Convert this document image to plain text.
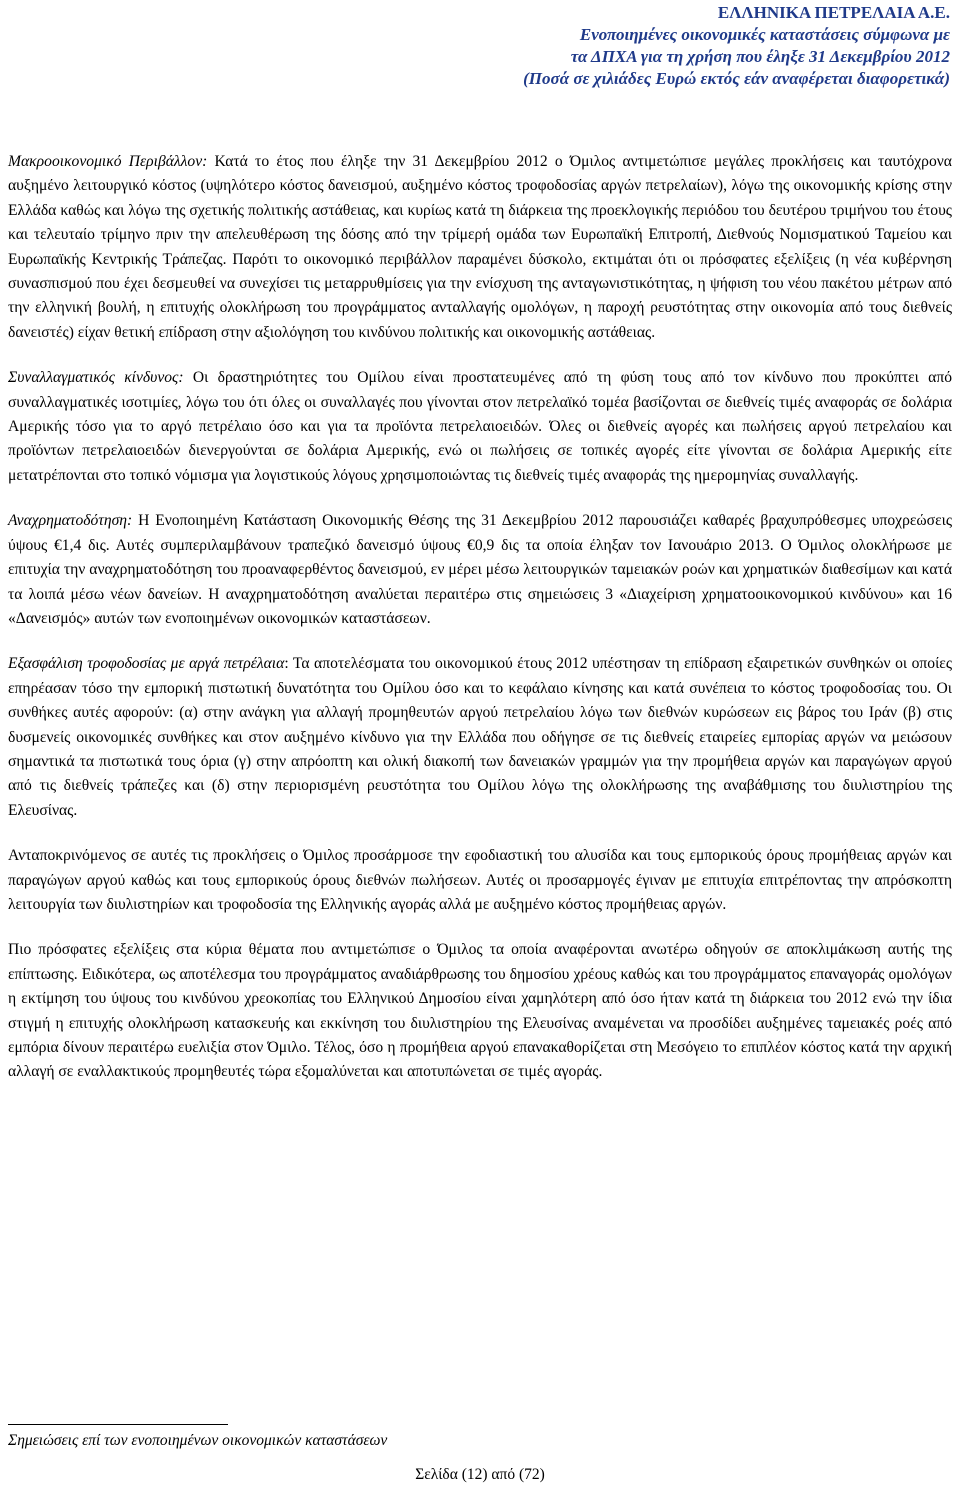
ΕΛΛΗΝΙΚΑ ΠΕΤΡΕΛΑΙΑ Α.Ε.
Ενοποιημένες οικονομικές καταστάσεις σύμφωνα με
τα ΔΠΧΑ για τη χρήση που έληξε 31 Δεκεμβρίου 2012
(Ποσά σε χιλιάδες Ευρώ εκτός εάν αναφέρεται διαφορετικά)

Μακροοικονομικό Περιβάλλον: Κατά το έτος που έληξε την 31 Δεκεμβρίου 2012 ο Όμιλος αντιμετώπισε μεγάλες προκλήσεις και ταυτόχρονα αυξημένο λειτουργικό κόστος (υψηλότερο κόστος δανεισμού, αυξημένο κόστος τροφοδοσίας αργών πετρελαίων), λόγω της οικονομικής κρίσης στην Ελλάδα καθώς και λόγω της σχετικής πολιτικής αστάθειας, και κυρίως κατά τη διάρκεια της προεκλογικής περιόδου του δευτέρου τριμήνου του έτους και τελευταίο τρίμηνο πριν την απελευθέρωση της δόσης από την τρίμερή ομάδα των Ευρωπαϊκή Επιτροπή, Διεθνούς Νομισματικού Ταμείου και Ευρωπαϊκής Κεντρικής Τράπεζας. Παρότι το οικονομικό περιβάλλον παραμένει δύσκολο, εκτιμάται ότι οι πρόσφατες εξελίξεις (η νέα κυβέρνηση συνασπισμού που έχει δεσμευθεί να συνεχίσει τις μεταρρυθμίσεις για την ενίσχυση της ανταγωνιστικότητας, η ψήφιση του νέου πακέτου μέτρων από την ελληνική βουλή, η επιτυχής ολοκλήρωση του προγράμματος ανταλλαγής ομολόγων, η παροχή ρευστότητας στην οικονομία από τους διεθνείς δανειστές) είχαν θετική επίδραση στην αξιολόγηση του κινδύνου πολιτικής και οικονομικής αστάθειας.

Συναλλαγματικός κίνδυνος: Οι δραστηριότητες του Ομίλου είναι προστατευμένες από τη φύση τους από τον κίνδυνο που προκύπτει από συναλλαγματικές ισοτιμίες, λόγω του ότι όλες οι συναλλαγές που γίνονται στον πετρελαϊκό τομέα βασίζονται σε διεθνείς τιμές αναφοράς σε δολάρια Αμερικής τόσο για το αργό πετρέλαιο όσο και για τα προϊόντα πετρελαιοειδών. Όλες οι διεθνείς αγορές και πωλήσεις αργού πετρελαίου και προϊόντων πετρελαιοειδών διενεργούνται σε δολάρια Αμερικής, ενώ οι πωλήσεις σε τοπικές αγορές είτε γίνονται σε δολάρια Αμερικής είτε μετατρέπονται στο τοπικό νόμισμα για λογιστικούς λόγους χρησιμοποιώντας τις διεθνείς τιμές αναφοράς της ημερομηνίας συναλλαγής.

Αναχρηματοδότηση: Η Ενοποιημένη Κατάσταση Οικονομικής Θέσης της 31 Δεκεμβρίου 2012 παρουσιάζει καθαρές βραχυπρόθεσμες υποχρεώσεις ύψους €1,4 δις. Αυτές συμπεριλαμβάνουν τραπεζικό δανεισμό ύψους €0,9 δις τα οποία έληξαν τον Ιανουάριο 2013. Ο Όμιλος ολοκλήρωσε με επιτυχία την αναχρηματοδότηση του προαναφερθέντος δανεισμού, εν μέρει μέσω λειτουργικών ταμειακών ροών και χρηματικών διαθεσίμων και κατά τα λοιπά μέσω νέων δανείων. Η αναχρηματοδότηση αναλύεται περαιτέρω στις σημειώσεις 3 «Διαχείριση χρηματοοικονομικού κινδύνου» και 16 «Δανεισμός» αυτών των ενοποιημένων οικονομικών καταστάσεων.

Εξασφάλιση τροφοδοσίας με αργά πετρέλαια: Τα αποτελέσματα του οικονομικού έτους 2012 υπέστησαν τη επίδραση εξαιρετικών συνθηκών οι οποίες επηρέασαν τόσο την εμπορική πιστωτική δυνατότητα του Ομίλου όσο και το κεφάλαιο κίνησης και κατά συνέπεια το κόστος τροφοδοσίας του. Οι συνθήκες αυτές αφορούν: (α) στην ανάγκη για αλλαγή προμηθευτών αργού πετρελαίου λόγω των διεθνών κυρώσεων εις βάρος του Ιράν (β) στις δυσμενείς οικονομικές συνθήκες και στον αυξημένο κίνδυνο για την Ελλάδα που οδήγησε σε τις διεθνείς εταιρείες εμπορίας αργών να μειώσουν σημαντικά τα πιστωτικά τους όρια (γ) στην απρόοπτη και ολική διακοπή των δανειακών γραμμών για την προμήθεια αργών και παραγώγων αργού από τις διεθνείς τράπεζες και (δ) στην περιορισμένη ρευστότητα του Ομίλου λόγω της ολοκλήρωσης της αναβάθμισης του διυλιστηρίου της Ελευσίνας.

Ανταποκρινόμενος σε αυτές τις προκλήσεις ο Όμιλος προσάρμοσε την εφοδιαστική του αλυσίδα και τους εμπορικούς όρους προμήθειας αργών και παραγώγων αργού καθώς και τους εμπορικούς όρους διεθνών πωλήσεων. Αυτές οι προσαρμογές έγιναν με επιτυχία επιτρέποντας την απρόσκοπτη λειτουργία των διυλιστηρίων και τροφοδοσία της Ελληνικής αγοράς αλλά με αυξημένο κόστος προμήθειας αργών.

Πιο πρόσφατες εξελίξεις στα κύρια θέματα που αντιμετώπισε ο Όμιλος τα οποία αναφέρονται ανωτέρω οδηγούν σε αποκλιμάκωση αυτής της επίπτωσης. Ειδικότερα, ως αποτέλεσμα του προγράμματος αναδιάρθρωσης του δημοσίου χρέους καθώς και του προγράμματος επαναγοράς ομολόγων η εκτίμηση του ύψους του κινδύνου χρεοκοπίας του Ελληνικού Δημοσίου είναι χαμηλότερη από όσο ήταν κατά τη διάρκεια του 2012 ενώ την ίδια στιγμή η επιτυχής ολοκλήρωση κατασκευής και εκκίνηση του διυλιστηρίου της Ελευσίνας αναμένεται να προσδίδει αυξημένες ταμειακές ροές από εμπόρια δίνουν περαιτέρω ευελιξία στον Όμιλο. Τέλος, όσο η προμήθεια αργού επανακαθορίζεται στη Μεσόγειο το επιπλέον κόστος κατά την αρχική αλλαγή σε εναλλακτικούς προμηθευτές τώρα εξομαλύνεται και αποτυπώνεται σε τιμές αγοράς.

Σημειώσεις επί των ενοποιημένων οικονομικών καταστάσεων
Σελίδα (12) από (72)
